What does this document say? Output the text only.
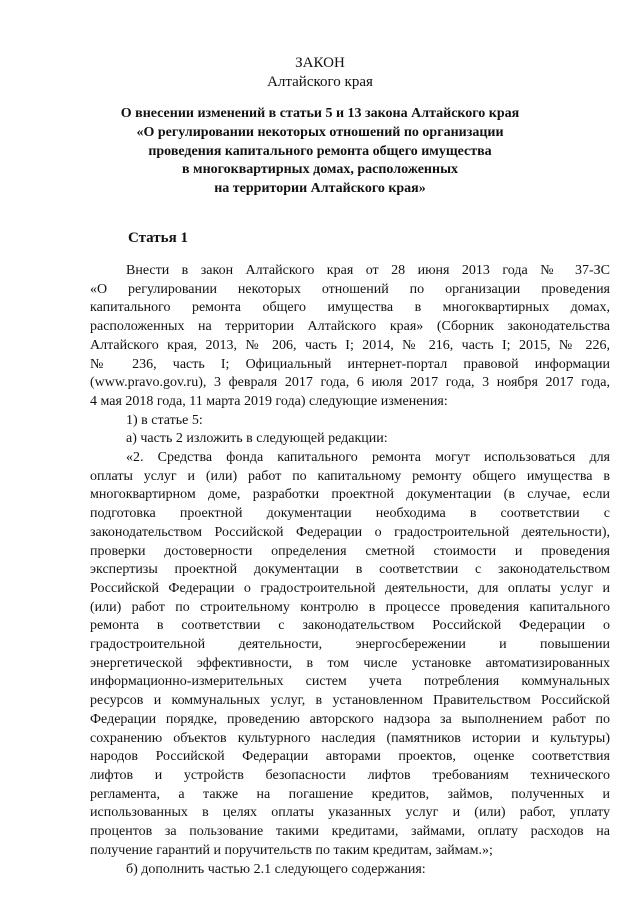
ЗАКОН
Алтайского края
О внесении изменений в статьи 5 и 13 закона Алтайского края
«О регулировании некоторых отношений по организации
проведения капитального ремонта общего имущества
в многоквартирных домах, расположенных
на территории Алтайского края»
Статья 1
Внести в закон Алтайского края от 28 июня 2013 года № 37-ЗС
«О регулировании некоторых отношений по организации проведения
капитального ремонта общего имущества в многоквартирных домах,
расположенных на территории Алтайского края» (Сборник законодательства
Алтайского края, 2013, № 206, часть I; 2014, № 216, часть I; 2015, № 226,
№ 236, часть I; Официальный интернет-портал правовой информации
(www.pravo.gov.ru), 3 февраля 2017 года, 6 июля 2017 года, 3 ноября 2017 года,
4 мая 2018 года, 11 марта 2019 года) следующие изменения:
1) в статье 5:
а) часть 2 изложить в следующей редакции:
«2. Средства фонда капитального ремонта могут использоваться для
оплаты услуг и (или) работ по капитальному ремонту общего имущества в
многоквартирном доме, разработки проектной документации (в случае, если
подготовка проектной документации необходима в соответствии с
законодательством Российской Федерации о градостроительной деятельности),
проверки достоверности определения сметной стоимости и проведения
экспертизы проектной документации в соответствии с законодательством
Российской Федерации о градостроительной деятельности, для оплаты услуг и
(или) работ по строительному контролю в процессе проведения капитального
ремонта в соответствии с законодательством Российской Федерации о
градостроительной деятельности, энергосбережении и повышении
энергетической эффективности, в том числе установке автоматизированных
информационно-измерительных систем учета потребления коммунальных
ресурсов и коммунальных услуг, в установленном Правительством Российской
Федерации порядке, проведению авторского надзора за выполнением работ по
сохранению объектов культурного наследия (памятников истории и культуры)
народов Российской Федерации авторами проектов, оценке соответствия
лифтов и устройств безопасности лифтов требованиям технического
регламента, а также на погашение кредитов, займов, полученных и
использованных в целях оплаты указанных услуг и (или) работ, уплату
процентов за пользование такими кредитами, займами, оплату расходов на
получение гарантий и поручительств по таким кредитам, займам.»;
б) дополнить частью 2.1 следующего содержания:
